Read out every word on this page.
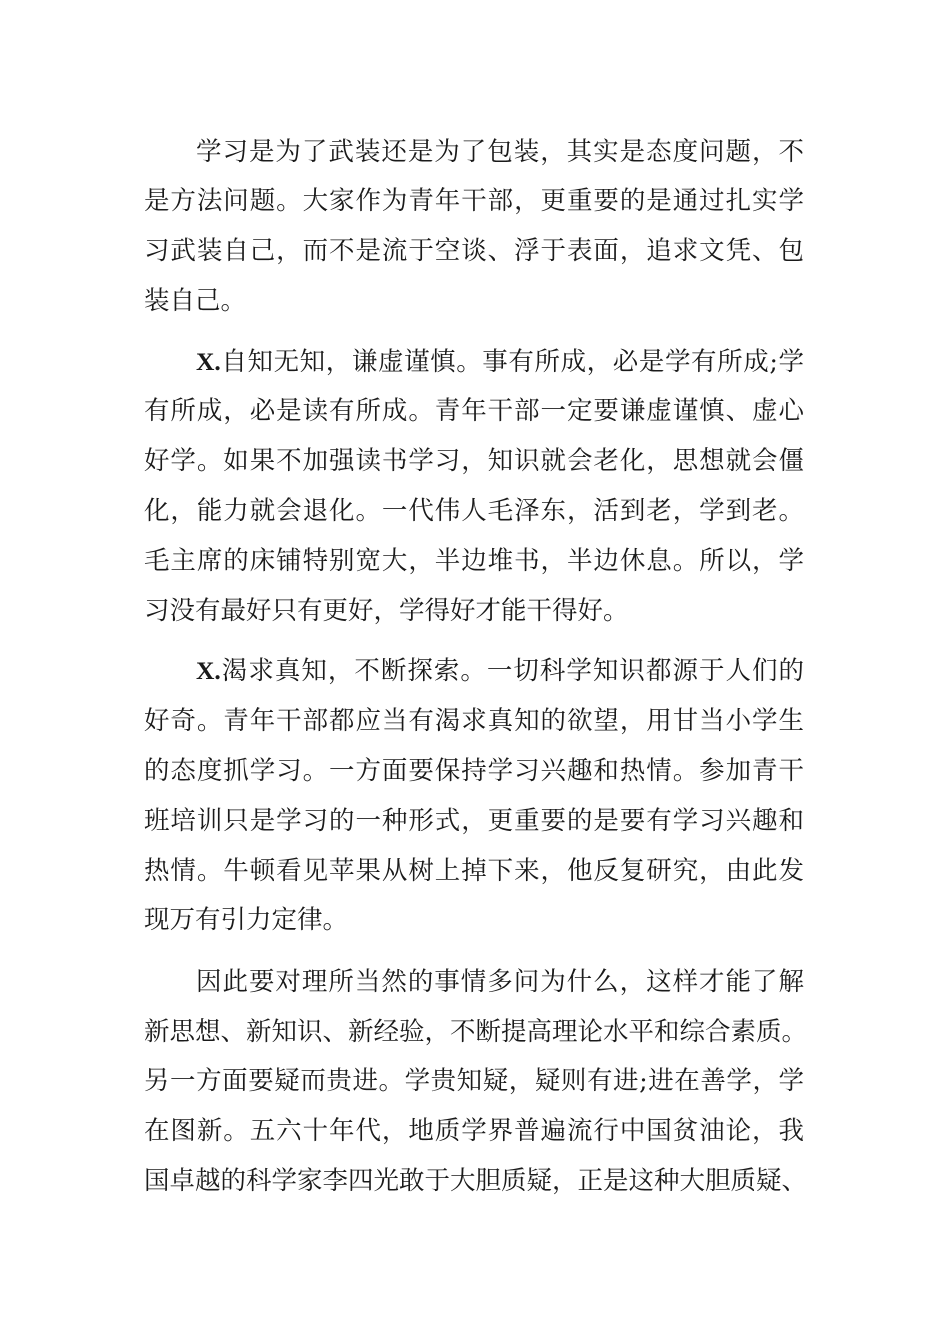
学习是为了武装还是为了包装，其实是态度问题，不
是方法问题。大家作为青年干部，更重要的是通过扎实学
习武装自己，而不是流于空谈、浮于表面，追求文凭、包
装自己。
X.自知无知，谦虚谨慎。事有所成，必是学有所成;学
有所成，必是读有所成。青年干部一定要谦虚谨慎、虚心
好学。如果不加强读书学习，知识就会老化，思想就会僵
化，能力就会退化。一代伟人毛泽东，活到老，学到老。
毛主席的床铺特别宽大，半边堆书，半边休息。所以，学
习没有最好只有更好，学得好才能干得好。
X.渴求真知，不断探索。一切科学知识都源于人们的
好奇。青年干部都应当有渴求真知的欲望，用甘当小学生
的态度抓学习。一方面要保持学习兴趣和热情。参加青干
班培训只是学习的一种形式，更重要的是要有学习兴趣和
热情。牛顿看见苹果从树上掉下来，他反复研究，由此发
现万有引力定律。
因此要对理所当然的事情多问为什么，这样才能了解
新思想、新知识、新经验，不断提高理论水平和综合素质。
另一方面要疑而贵进。学贵知疑，疑则有进;进在善学，学
在图新。五六十年代，地质学界普遍流行中国贫油论，我
国卓越的科学家李四光敢于大胆质疑，正是这种大胆质疑、
